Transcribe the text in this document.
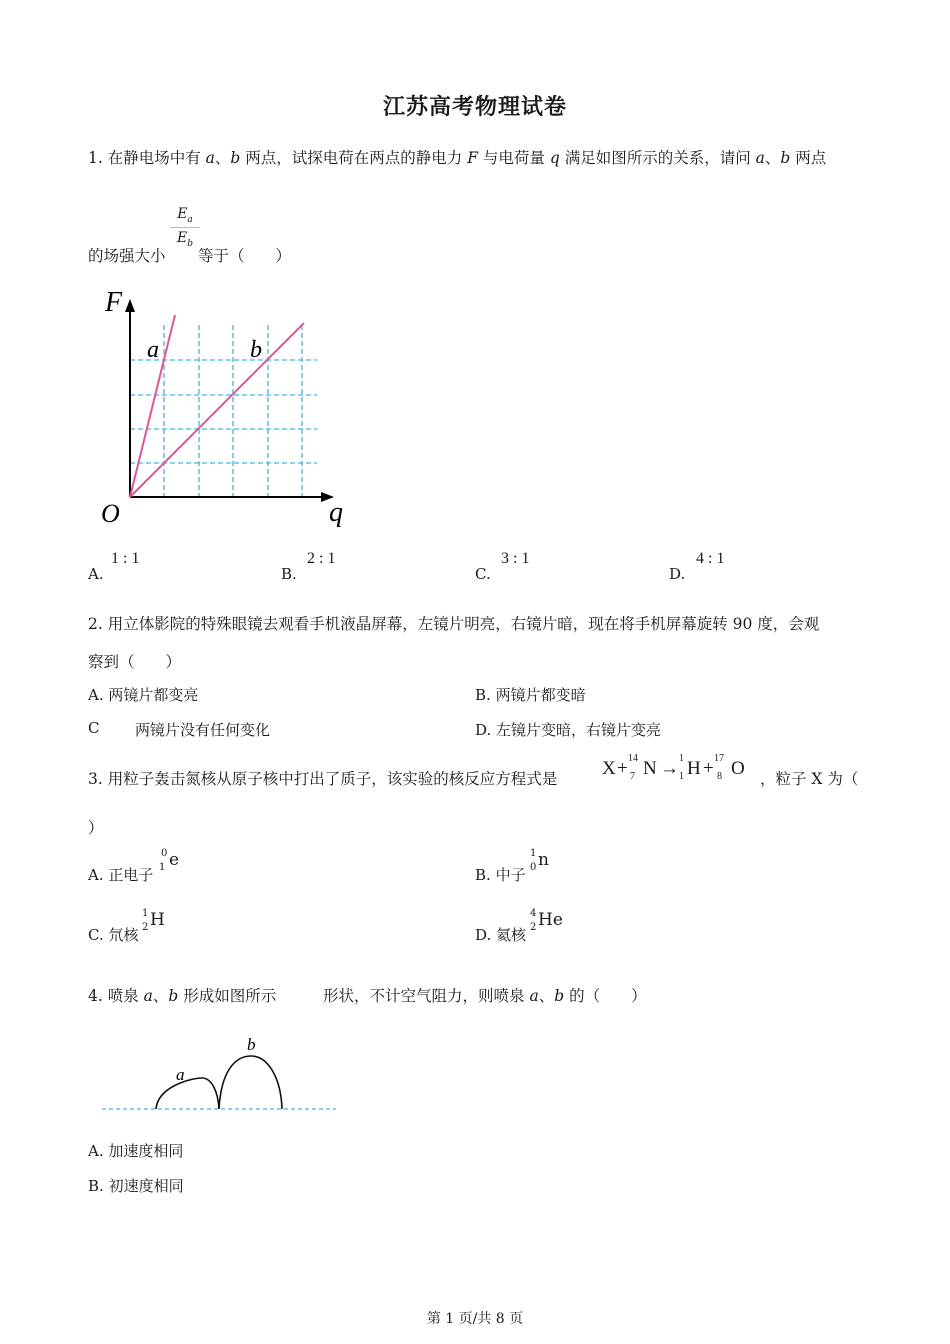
江苏高考物理试卷
1. 在静电场中有 a、b 两点，试探电荷在两点的静电力 F 与电荷量 q 满足如图所示的关系，请问 a、b 两点
的场强大小
$\frac{E_a}{E_b}$
等于（　　）
F
q
O
a	b
A.
1 : 1
B.
2 : 1
C.
3 : 1
D.
4 : 1
2. 用立体影院的特殊眼镜去观看手机液晶屏幕，左镜片明亮，右镜片暗，现在将手机屏幕旋转 90 度，会观
察到（　　）
A. 两镜片都变亮	B. 两镜片都变暗
C 两镜片没有任何变化	D. 左镜片变暗，右镜片变亮
3. 用粒子轰击氮核从原子核中打出了质子，该实验的核反应方程式是 X + 14
7 N → 1
1 H + 17
8 O ，粒子 X 为（
）
A. 正电子
0
1 e
B. 中子
1
0 n
C. 氘核
1
2 H
D. 氦核
4
2 He
4. 喷泉 a、b 形成如图所示	形状，不计空气阻力，则喷泉 a、b 的（　　）
a
b
A. 加速度相同
B. 初速度相同
第 1 页/共 8 页
